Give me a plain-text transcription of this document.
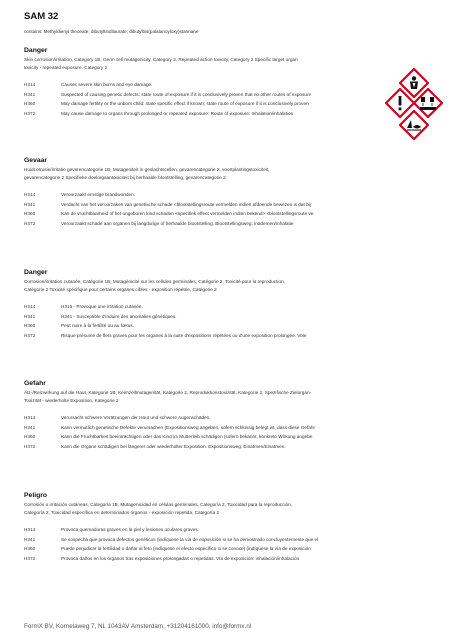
SAM 32
contains: Methyldienyl theoeate; dibutyltindilaurate; dibutylbis(palatanoyloxy)stannane
Danger
Skin corrosion/irritation, Category 1B, Germ cell mutagenicity, Category 2, Repeated action toxicity, Category 2 Specific target organ
toxicity - repeated exposure, Category 2
H314	Causes severe skin burns and eye damage.
H341	Suspected of causing genetic defects: state route of exposure if it is conclusively proven that no other routes of exposure
H360	May damage fertility or the unborn child: state specific effect if known; state route of exposure if it is conclusively proven
H372	May cause damage to organs through prolonged or repeated exposure: Route of exposure: Inhalation/inhalation
Gevaar
Huidcorrosie/irritatie gevarencategorie 1B, Mutageniteit in geslachtscellen, gevarencategorie 2, voortplantingstoxiciteit,
gevarencategorie 2 Specifieke doelorgaantoxiciteit bij herhaalde blootstelling, gevarencategorie 2
H314	Veroorzaakt ernstige brandwonden.
H341	Verdacht van het veroorzaken van genetische schade <blootstellingsroute vermelden indien afdoende bewezen is dat bij
H360	Kan de vruchtbaarheid of het ongeboren kind schaden <specifiek effect vermelden indien bekend> <blootstellingsroute ve
H372	Veroorzaakt schade aan organen bij langdurige of herhaalde blootstelling. Blootstellingsweg: inademen/inhalatie
Danger
Corrosion/irritation cutanée, Catégorie 1B, Mutagénicité sur les cellules germinales, Catégorie 2, Toxicité pour la reproduction,
Catégorie 2 Toxicité spécifique pour certains organes cibles - exposition répétée, Catégorie 2
H314	H315 - Provoque une irritation cutanée.
H341	H341 - Susceptible d'induire des anomalies génétiques.
H360	Peut nuire à la fertilité ou au fœtus.
H372	Risque présumé de flets graves pour les organes à la suite d'expositions répétées ou d'une exposition prolongée. Voie
Gefahr
Ätz-/Reizwirkung auf die Haut, Kategorie 1B, Keimzellmutagenität, Kategorie 2, Reproduktionstoxizität, Kategorie 2, Spezifische Zielorgan-
Toxizität - wiederholte Exposition, Kategorie 2
H314	Verursacht schwere Verätzungen der Haut und schwere Augenschäden.
H341	Kann vermutlich genetische Defekte verursachen (Expositionsweg angeben, sofern schlüssig belegt ist, dass diese Gefahr
H360	Kann die Fruchtbarkeit beeinträchtigen oder das Kind im Mutterleib schädigen (sofern bekannt, konkrete Wirkung angebe
H372	Kann die Organe schädigen bei längerer oder wiederholter Exposition. Expositionsweg: Einatmen/Einatmen.
Peligro
Corrosión o irritación cutáneas, Categoría 1B, Mutagenicidad en células germinales, Categoría 2, Toxicidad para la reproducción,
Categoría 2, Toxicidad específica en determinados órganos - exposición repetida, Categoría 2
H314	Provoca quemaduras graves en la piel y lesiones oculares graves.
H341	Se sospecha que provoca defectos genéticos (indíquese la vía de exposición si se ha demostrado concluyentemente que el
H360	Puede perjudicar la fertilidad o dañar al feto (indíquese el efecto específico si se conoce) (indíquese la vía de exposición
H372	Provoca daños en los órganos tras exposiciones prolongadas o repetidas. Vía de exposición: inhalación/inhalación
FormX BV, Kornelaweg 7, NL 1043AV Amsterdam, +31204161000, info@formx.nl
